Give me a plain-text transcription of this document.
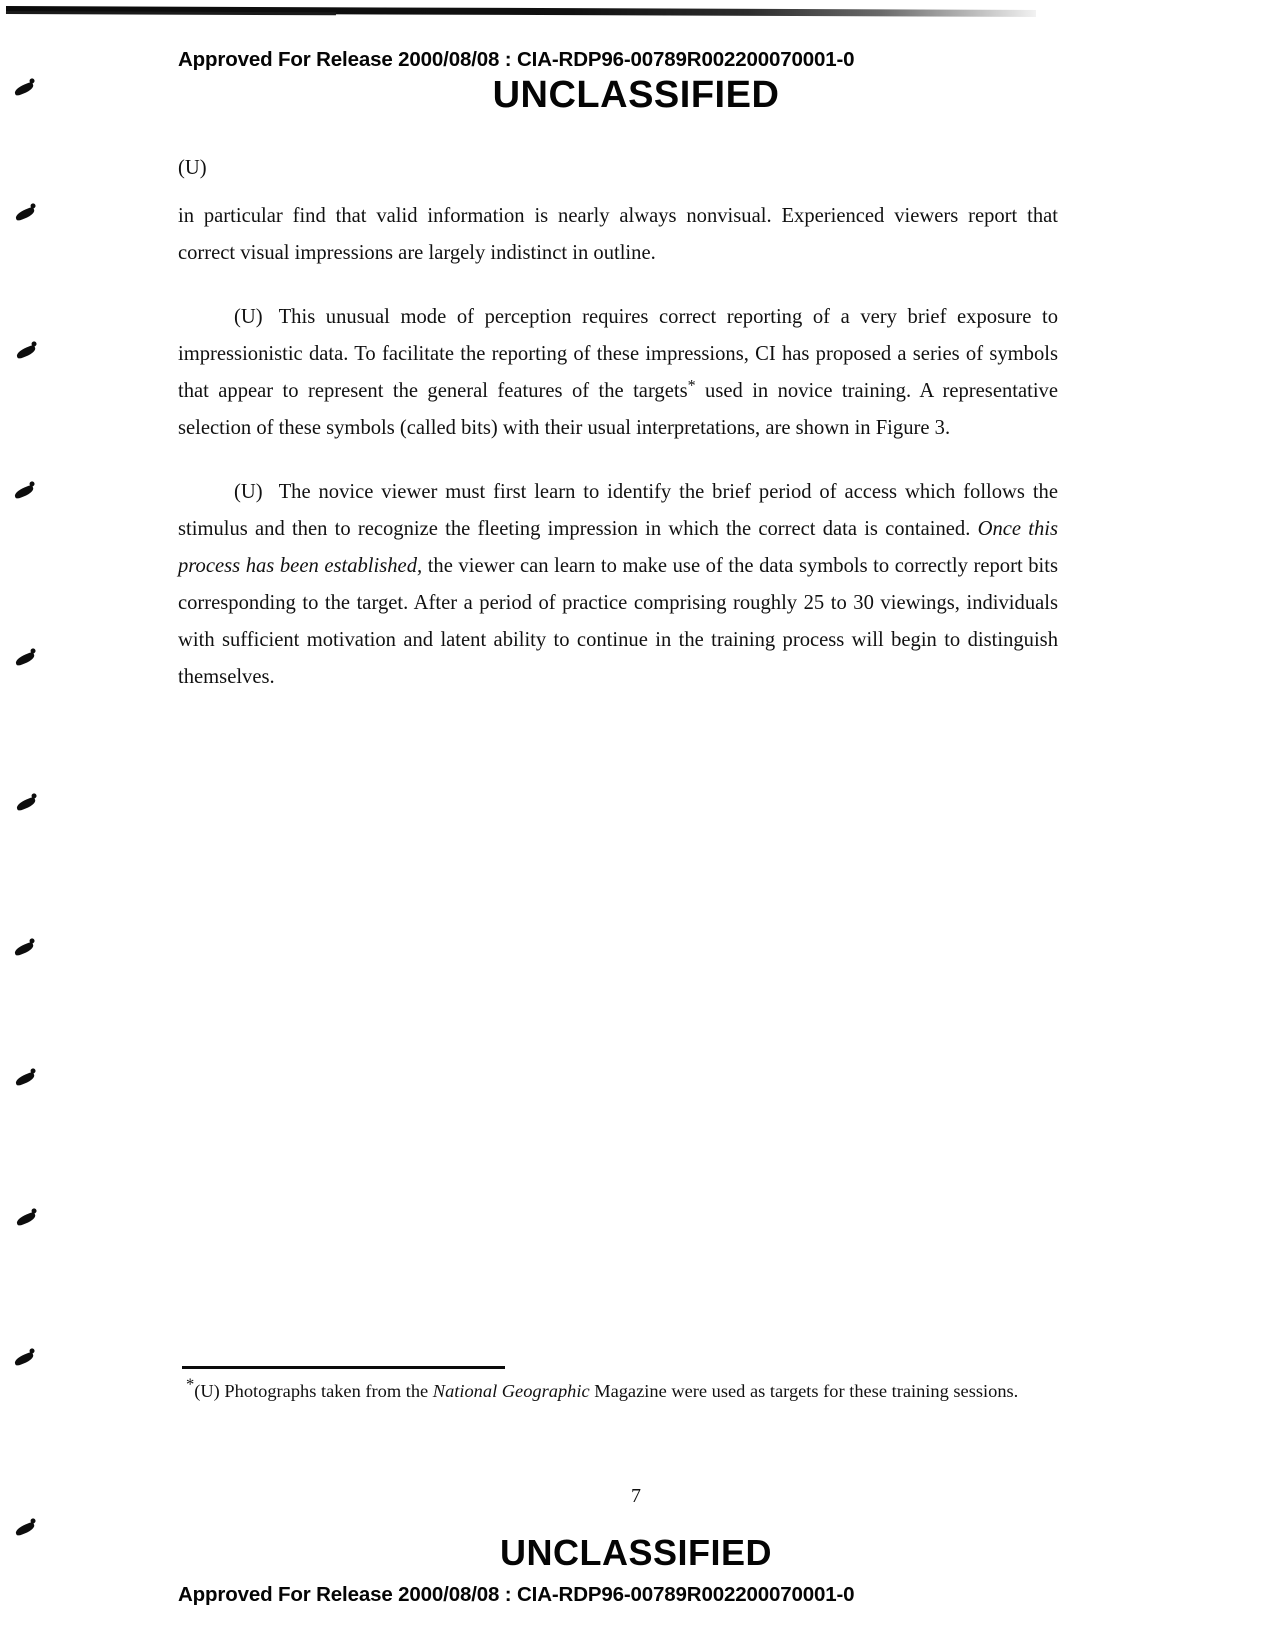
Approved For Release 2000/08/08 : CIA-RDP96-00789R002200070001-0
UNCLASSIFIED
(U)

in particular find that valid information is nearly always nonvisual. Experienced viewers report that correct visual impressions are largely indistinct in outline.

(U) This unusual mode of perception requires correct reporting of a very brief exposure to impressionistic data. To facilitate the reporting of these impressions, CI has proposed a series of symbols that appear to represent the general features of the targets* used in novice training. A representative selection of these symbols (called bits) with their usual interpretations, are shown in Figure 3.

(U) The novice viewer must first learn to identify the brief period of access which follows the stimulus and then to recognize the fleeting impression in which the correct data is contained. Once this process has been established, the viewer can learn to make use of the data symbols to correctly report bits corresponding to the target. After a period of practice comprising roughly 25 to 30 viewings, individuals with sufficient motivation and latent ability to continue in the training process will begin to distinguish themselves.

*(U) Photographs taken from the National Geographic Magazine were used as targets for these training sessions.
7
UNCLASSIFIED
Approved For Release 2000/08/08 : CIA-RDP96-00789R002200070001-0
